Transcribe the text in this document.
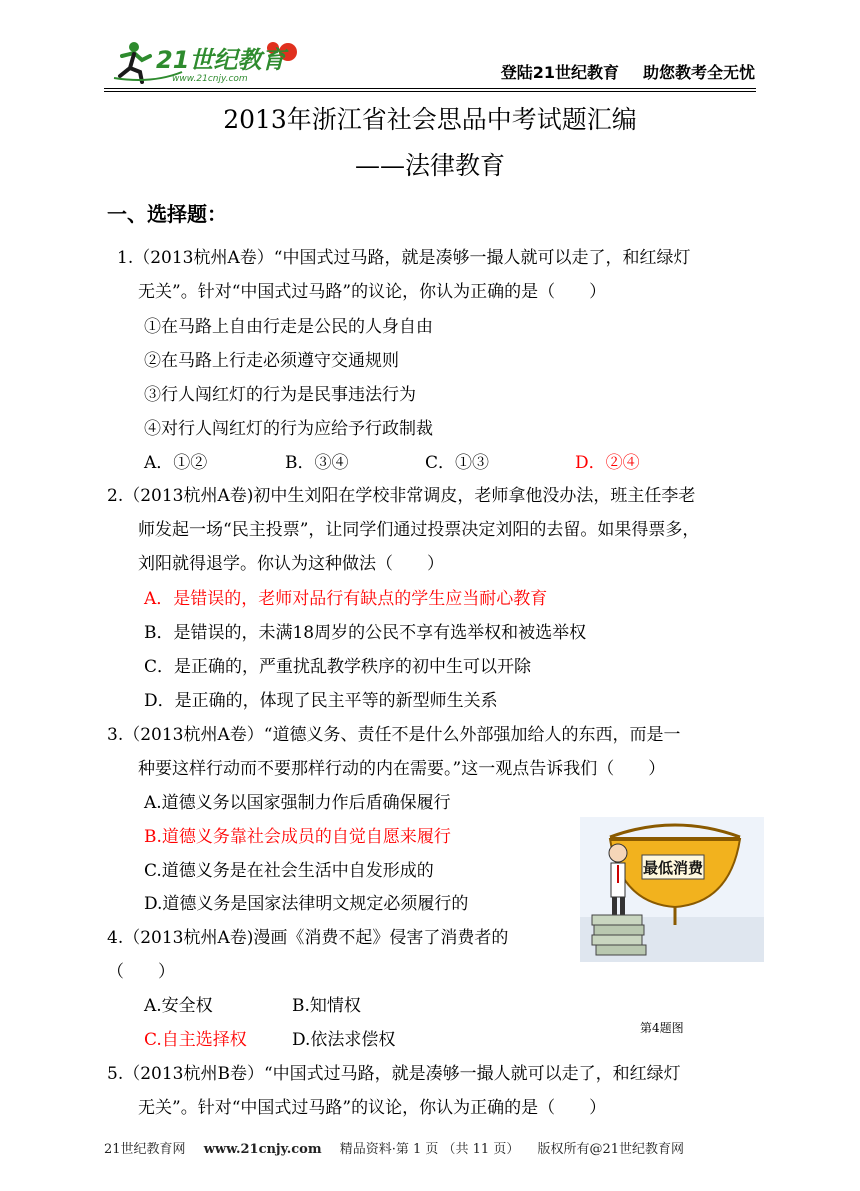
21世纪教育
www.21cnjy.com	登陆21世纪教育 助您教考全无忧
2013年浙江省社会思品中考试题汇编
——法律教育
一、选择题：
1.（2013杭州A卷）“中国式过马路，就是凑够一撮人就可以走了，和红绿灯
无关”。针对“中国式过马路”的议论，你认为正确的是（　　）
①在马路上自由行走是公民的人身自由
②在马路上行走必须遵守交通规则
③行人闯红灯的行为是民事违法行为
④对行人闯红灯的行为应给予行政制裁
A．①②	B．③④	C．①③	D．②④
2.（2013杭州A卷)初中生刘阳在学校非常调皮，老师拿他没办法，班主任李老
师发起一场“民主投票”，让同学们通过投票决定刘阳的去留。如果得票多，
刘阳就得退学。你认为这种做法（　　）
A．是错误的，老师对品行有缺点的学生应当耐心教育
B．是错误的，未满18周岁的公民不享有选举权和被选举权
C．是正确的，严重扰乱教学秩序的初中生可以开除
D．是正确的，体现了民主平等的新型师生关系
3.（2013杭州A卷）“道德义务、责任不是什么外部强加给人的东西，而是一
种要这样行动而不要那样行动的内在需要。”这一观点告诉我们（　　）
A.道德义务以国家强制力作后盾确保履行
B.道德义务靠社会成员的自觉自愿来履行
C.道德义务是在社会生活中自发形成的
D.道德义务是国家法律明文规定必须履行的
4.（2013杭州A卷)漫画《消费不起》侵害了消费者的
（　　）
A.安全权	B.知情权
C.自主选择权	D.依法求偿权
最低消费
第4题图
5.（2013杭州B卷）“中国式过马路，就是凑够一撮人就可以走了，和红绿灯
无关”。针对“中国式过马路”的议论，你认为正确的是（　　）
21世纪教育网 www.21cnjy.com 精品资料·第 1 页 （共 11 页） 版权所有@21世纪教育网
